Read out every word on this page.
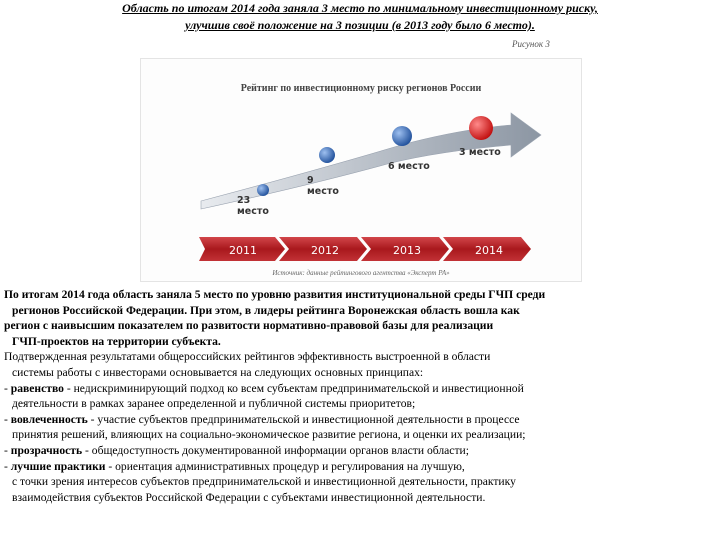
Область по итогам 2014 года заняла 3 место по минимальному инвестиционному риску,
улучшив своё положение на 3 позиции (в 2013 году было 6 место).
Рисунок 3
Рейтинг по инвестиционному риску регионов России
23
место
9
место
6 место
3 место
2011	2012	2013	2014
Источник: данные рейтингового агентства «Эксперт РА»

По итогам 2014 года область заняла 5 место по уровню развития институциональной среды ГЧП среди

регионов Российской Федерации. При этом, в лидеры рейтинга Воронежская область вошла как

регион с наивысшим показателем по развитости нормативно-правовой базы для реализации

ГЧП-проектов на территории субъекта.

Подтвержденная результатами общероссийских рейтингов эффективность выстроенной в области

системы работы с инвесторами основывается на следующих основных принципах:

- равенство - недискриминирующий подход ко всем субъектам предпринимательской и инвестиционной

деятельности в рамках заранее определенной и публичной системы приоритетов;

- вовлеченность - участие субъектов предпринимательской и инвестиционной деятельности в процессе

принятия решений, влияющих на социально-экономическое развитие региона, и оценки их реализации;

- прозрачность - общедоступность документированной информации органов власти области;

- лучшие практики - ориентация административных процедур и регулирования на лучшую,

с точки зрения интересов субъектов предпринимательской и инвестиционной деятельности, практику

взаимодействия субъектов Российской Федерации с субъектами инвестиционной деятельности.
